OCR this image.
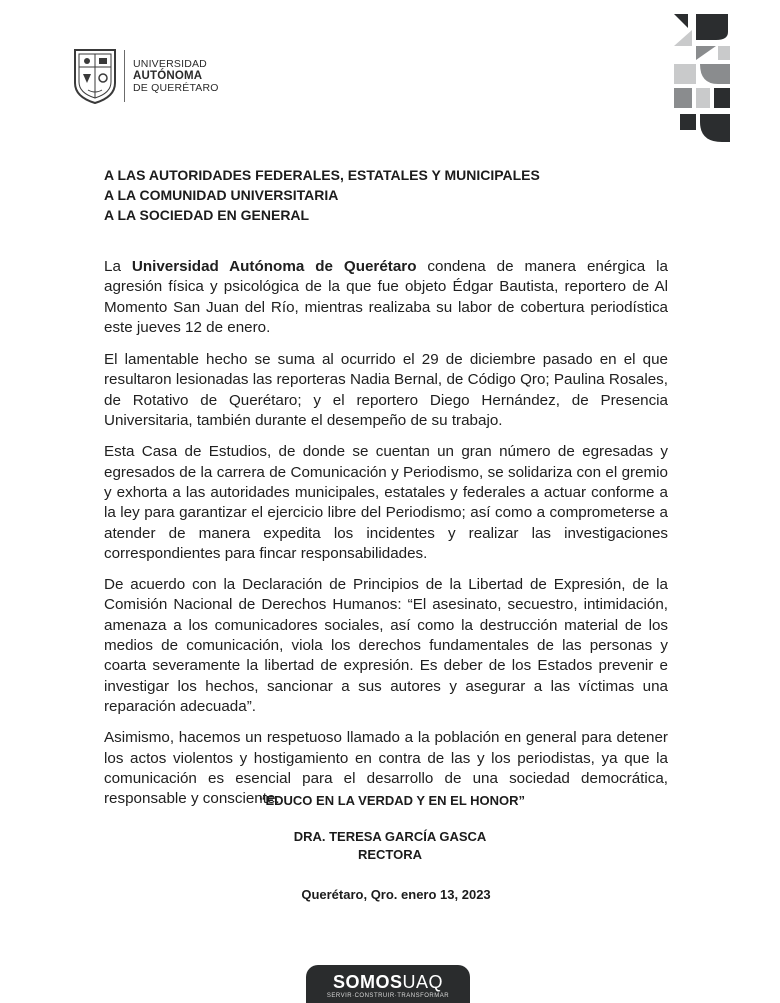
UNIVERSIDAD
AUTÓNOMA
DE QUERÉTARO
A LAS AUTORIDADES FEDERALES, ESTATALES Y MUNICIPALES
A LA COMUNIDAD UNIVERSITARIA
A LA SOCIEDAD EN GENERAL

La Universidad Autónoma de Querétaro condena de manera enérgica la agresión física y psicológica de la que fue objeto Édgar Bautista, reportero de Al Momento San Juan del Río, mientras realizaba su labor de cobertura periodística este jueves 12 de enero.

El lamentable hecho se suma al ocurrido el 29 de diciembre pasado en el que resultaron lesionadas las reporteras Nadia Bernal, de Código Qro; Paulina Rosales, de Rotativo de Querétaro; y el reportero Diego Hernández, de Presencia Universitaria, también durante el desempeño de su trabajo.

Esta Casa de Estudios, de donde se cuentan un gran número de egresadas y egresados de la carrera de Comunicación y Periodismo, se solidariza con el gremio y exhorta a las autoridades municipales, estatales y federales a actuar conforme a la ley para garantizar el ejercicio libre del Periodismo; así como a comprometerse a atender de manera expedita los incidentes y realizar las investigaciones correspondientes para fincar responsabilidades.

De acuerdo con la Declaración de Principios de la Libertad de Expresión, de la Comisión Nacional de Derechos Humanos: “El asesinato, secuestro, intimidación, amenaza a los comunicadores sociales, así como la destrucción material de los medios de comunicación, viola los derechos fundamentales de las personas y coarta severamente la libertad de expresión. Es deber de los Estados prevenir e investigar los hechos, sancionar a sus autores y asegurar a las víctimas una reparación adecuada”.

Asimismo, hacemos un respetuoso llamado a la población en general para detener los actos violentos y hostigamiento en contra de las y los periodistas, ya que la comunicación es esencial para el desarrollo de una sociedad democrática, responsable y consciente.

“EDUCO EN LA VERDAD Y EN EL HONOR”
DRA. TERESA GARCÍA GASCA
RECTORA
Querétaro, Qro. enero 13, 2023
SOMOSUAQ
SERVIR·CONSTRUIR·TRANSFORMAR
